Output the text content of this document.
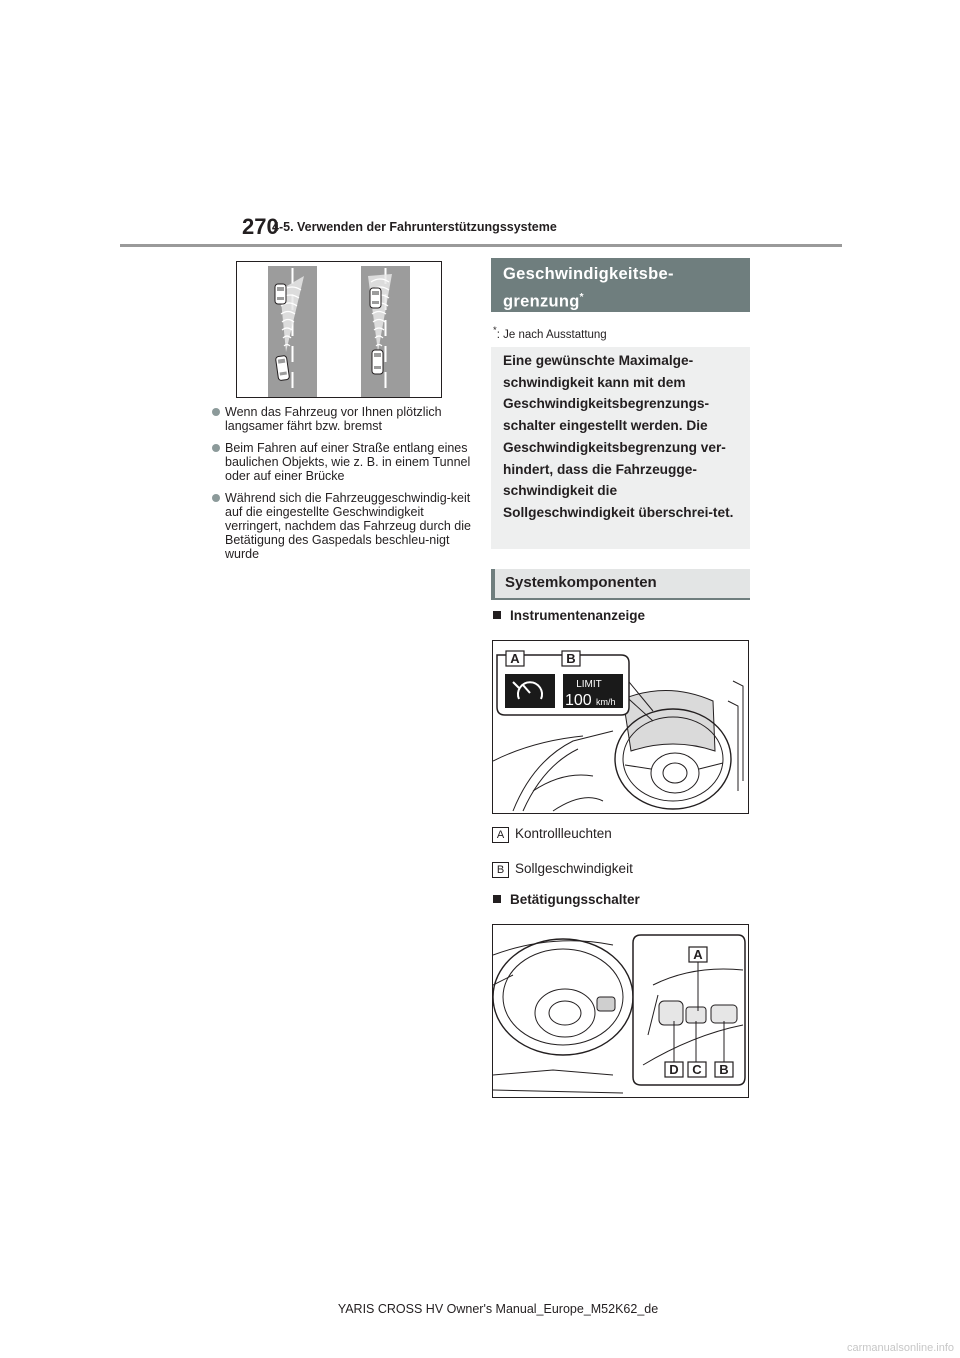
270
4-5. Verwenden der Fahrunterstützungssysteme
Wenn das Fahrzeug vor Ihnen plötzlich langsamer fährt bzw. bremst
Beim Fahren auf einer Straße entlang eines baulichen Objekts, wie z. B. in einem Tunnel oder auf einer Brücke
Während sich die Fahrzeuggeschwindig-keit auf die eingestellte Geschwindigkeit verringert, nachdem das Fahrzeug durch die Betätigung des Gaspedals beschleu-nigt wurde
Geschwindigkeitsbe-
grenzung*
*: Je nach Ausstattung
Eine gewünschte Maximalge-schwindigkeit kann mit dem Geschwindigkeitsbegrenzungs-schalter eingestellt werden. Die Geschwindigkeitsbegrenzung ver-hindert, dass die Fahrzeugge-schwindigkeit die Sollgeschwindigkeit überschrei-tet.
Systemkomponenten
Instrumentenanzeige
A	B
LIMIT
100 km/h
A Kontrollleuchten
B Sollgeschwindigkeit
Betätigungsschalter
A
D C B
YARIS CROSS HV Owner's Manual_Europe_M52K62_de
carmanualsonline.info
